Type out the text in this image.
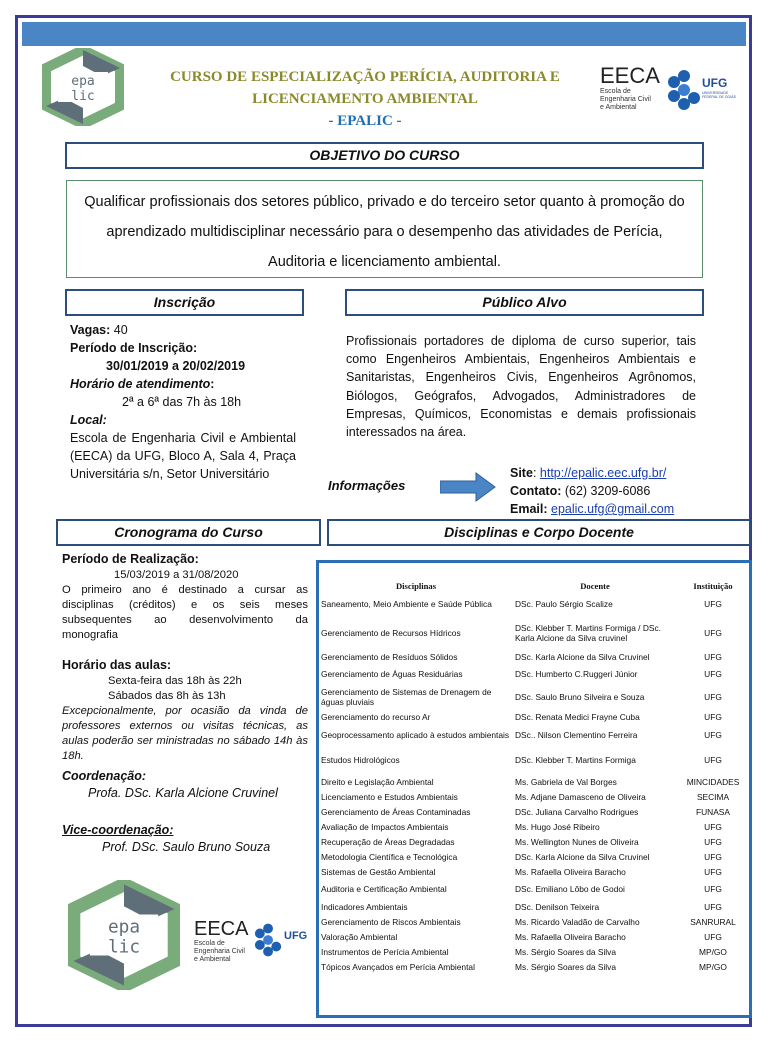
epa
lic
CURSO DE ESPECIALIZAÇÃO PERÍCIA, AUDITORIA E
LICENCIAMENTO AMBIENTAL
- EPALIC -
EECA
Escola de
Engenharia Civil
e Ambiental
UFG
UNIVERSIDADE FEDERAL DE GOIÁS
OBJETIVO DO CURSO
Qualificar profissionais dos setores público, privado e do terceiro setor quanto à promoção do aprendizado multidisciplinar necessário para o desempenho das atividades de Perícia, Auditoria e licenciamento ambiental.
Inscrição	Público Alvo
Vagas: 40
Período de Inscrição:
30/01/2019 a 20/02/2019
Horário de atendimento:
2ª a 6ª das 7h às 18h
Local:
Escola de Engenharia Civil e Ambiental (EECA) da UFG, Bloco A, Sala 4, Praça Universitária s/n, Setor Universitário
Profissionais portadores de diploma de curso superior, tais como Engenheiros Ambientais, Engenheiros Ambientais e Sanitaristas, Engenheiros Civis, Engenheiros Agrônomos, Biólogos, Geógrafos, Advogados, Administradores de Empresas, Químicos, Economistas e demais profissionais interessados na área.
Informações
Site: http://epalic.eec.ufg.br/
Contato: (62) 3209-6086
Email: epalic.ufg@gmail.com
Cronograma do Curso	Disciplinas e Corpo Docente
Período de Realização:
15/03/2019 a 31/08/2020
O primeiro ano é destinado a cursar as disciplinas (créditos) e os seis meses subsequentes ao desenvolvimento da monografia
Horário das aulas:
Sexta-feira das 18h às 22h
Sábados das 8h às 13h
Excepcionalmente, por ocasião da vinda de professores externos ou visitas técnicas, as aulas poderão ser ministradas no sábado 14h às 18h.
Coordenação:
Profa. DSc. Karla Alcione Cruvinel
Vice-coordenação:
Prof. DSc. Saulo Bruno Souza
epa
lic
EECA
Escola de
Engenharia Civil
e Ambiental
UFG
Disciplinas	Docente	Instituição
Saneamento, Meio Ambiente e Saúde Pública	DSc. Paulo Sérgio Scalize	UFG
Gerenciamento de Recursos Hídricos	DSc. Klebber T. Martins Formiga / DSc. Karla Alcione da Silva cruvinel	UFG
Gerenciamento de Resíduos Sólidos	DSc. Karla Alcione da Silva Cruvinel	UFG
Gerenciamento de Águas Residuárias	DSc. Humberto C.Ruggeri Júnior	UFG
Gerenciamento de Sistemas de Drenagem de águas pluviais	DSc. Saulo Bruno Silveira e Souza	UFG
Gerenciamento do recurso Ar	DSc. Renata Medici Frayne Cuba	UFG
Geoprocessamento aplicado à estudos ambientais	DSc.. Nilson Clementino Ferreira	UFG
Estudos Hidrológicos	DSc. Klebber T. Martins Formiga	UFG
Direito e Legislação Ambiental	Ms. Gabriela de Val Borges	MINCIDADES
Licenciamento e Estudos Ambientais	Ms. Adjane Damasceno de Oliveira	SECIMA
Gerenciamento de Áreas Contaminadas	DSc. Juliana Carvalho Rodrigues	FUNASA
Avaliação de Impactos Ambientais	Ms. Hugo José Ribeiro	UFG
Recuperação de Áreas Degradadas	Ms. Wellington Nunes de Oliveira	UFG
Metodologia Científica e Tecnológica	DSc. Karla Alcione da Silva Cruvinel	UFG
Sistemas de Gestão Ambiental	Ms. Rafaella Oliveira Baracho	UFG
Auditoria e Certificação Ambiental	DSc. Emiliano Lôbo de Godoi	UFG
Indicadores Ambientais	DSc. Denilson Teixeira	UFG
Gerenciamento de Riscos Ambientais	Ms. Ricardo Valadão de Carvalho	SANRURAL
Valoração Ambiental	Ms. Rafaella Oliveira Baracho	UFG
Instrumentos de Perícia Ambiental	Ms. Sérgio Soares da Silva	MP/GO
Tópicos Avançados em Perícia Ambiental	Ms. Sérgio Soares da Silva	MP/GO
